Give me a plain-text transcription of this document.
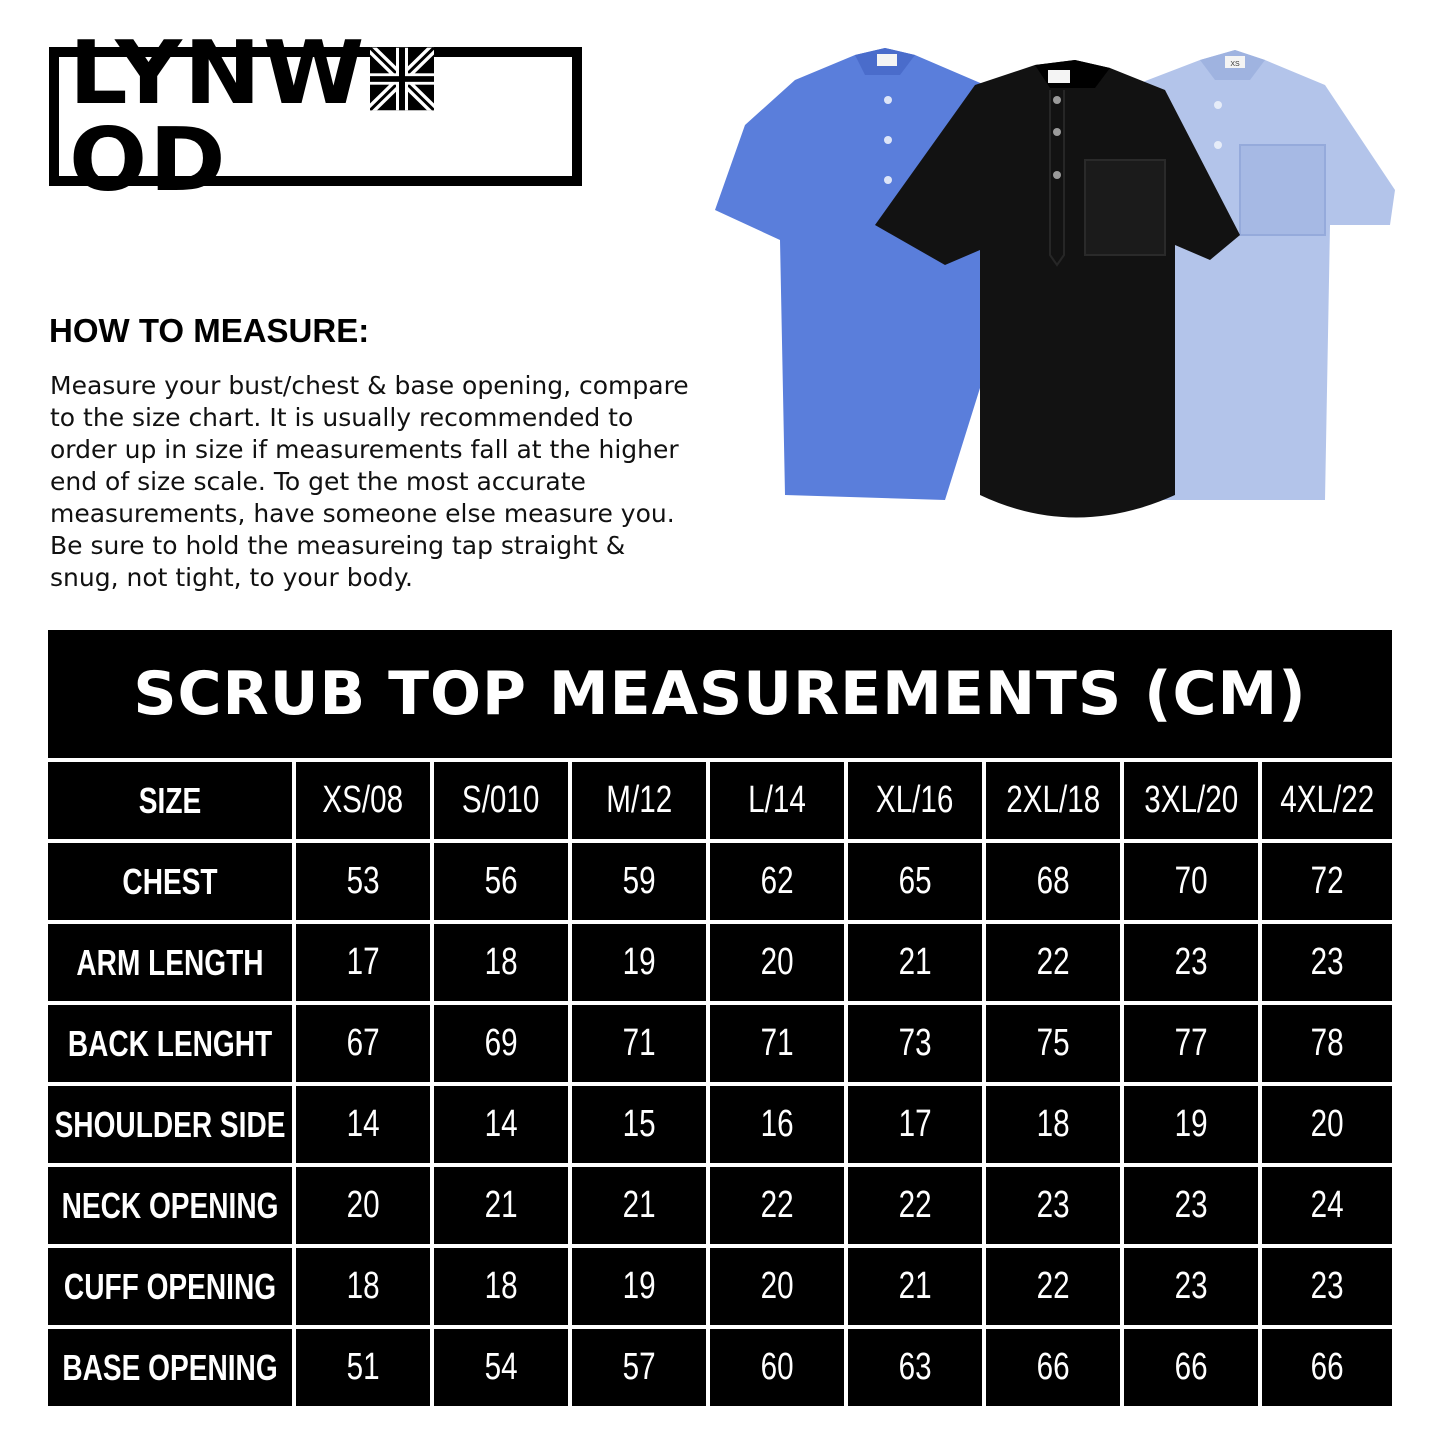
LYNWOD
HOW TO MEASURE:
Measure your bust/chest & base opening, compare
to the size chart. It is usually recommended to
order up in size if measurements fall at the higher
end of size scale. To get the most accurate
measurements, have someone else measure you.
Be sure to hold the measureing tap straight &
snug, not tight, to your body.
XS
SCRUB TOP MEASUREMENTS (CM)
SIZE	XS/08 S/010 M/12 L/14 XL/16 2XL/18 3XL/20 4XL/22
CHEST	53	56	59	62	65	68	70	72
ARM LENGTH 17	18	19	20	21	22	23	23
BACK LENGHT 67	69	71	71	73	75	77	78
SHOULDER SIDE 14	14	15	16	17	18	19	20
NECK OPENING 20	21	21	22	22	23	23	24
CUFF OPENING 18	18	19	20	21	22	23	23
BASE OPENING 51	54	57	60	63	66	66	66
